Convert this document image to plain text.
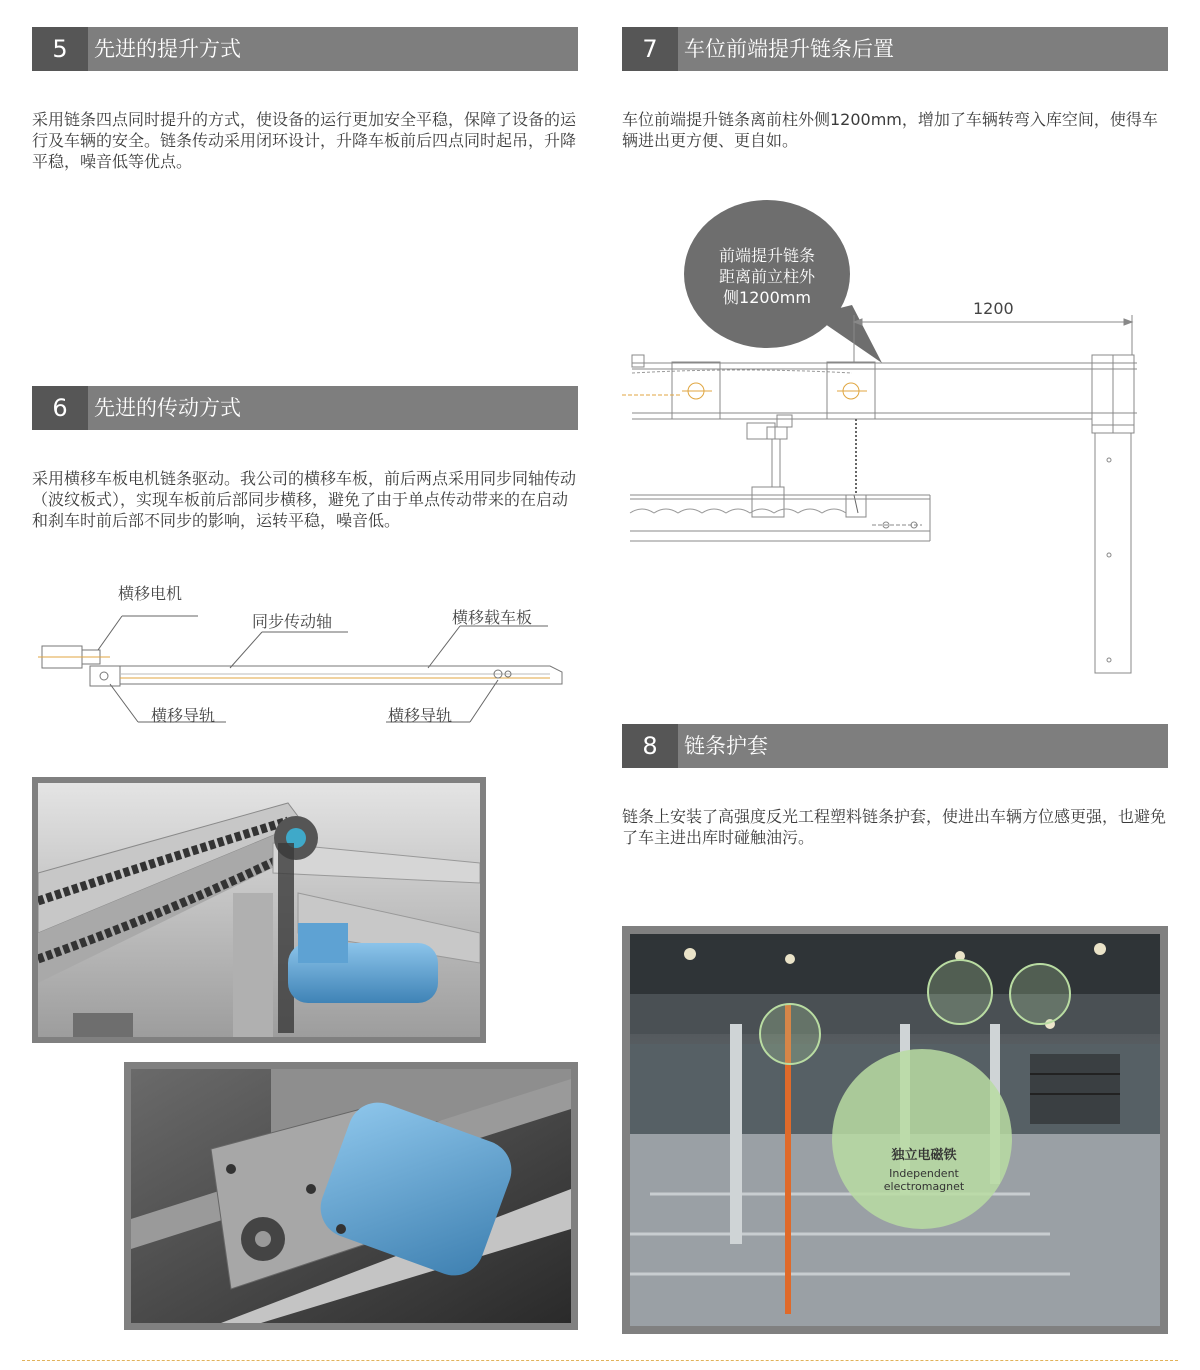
5	先进的提升方式

采用链条四点同时提升的方式，使设备的运行更加安全平稳，保障了设备的运行及车辆的安全。链条传动采用闭环设计，升降车板前后四点同时起吊，升降平稳，噪音低等优点。

6	先进的传动方式

采用横移车板电机链条驱动。我公司的横移车板，前后两点采用同步同轴传动（波纹板式），实现车板前后部同步横移，避免了由于单点传动带来的在启动和刹车时前后部不同步的影响，运转平稳，噪音低。

横移电机
同步传动轴	横移载车板
横移导轨	横移导轨
7	车位前端提升链条后置

车位前端提升链条离前柱外侧1200mm，增加了车辆转弯入库空间，使得车辆进出更方便、更自如。

前端提升链条
距离前立柱外
侧1200mm
1200
8	链条护套

链条上安装了高强度反光工程塑料链条护套，使进出车辆方位感更强，也避免了车主进出库时碰触油污。

独立电磁铁
Independent
electromagnet
